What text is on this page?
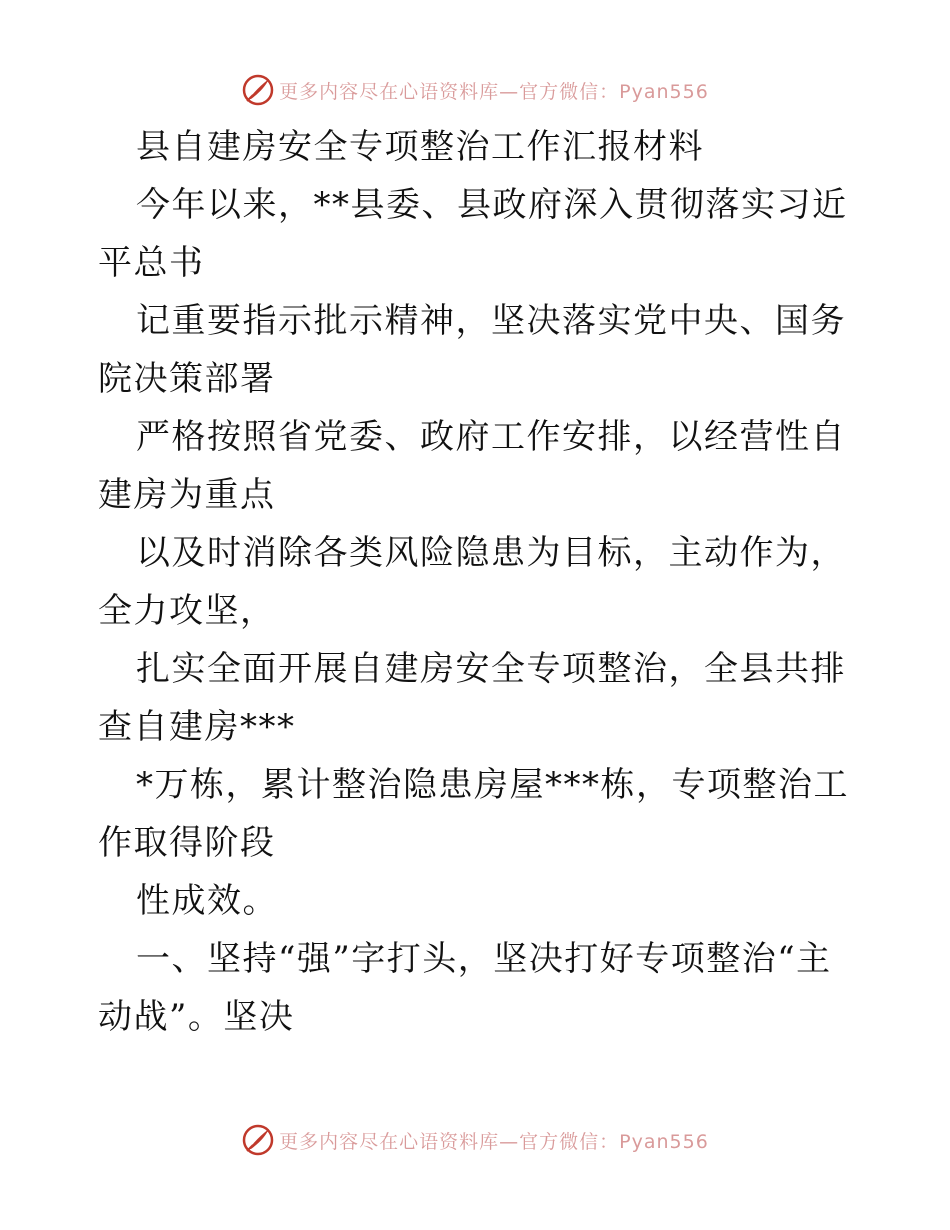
更多内容尽在心语资料库—官方微信：Pyan556

县自建房安全专项整治工作汇报材料

今年以来，**县委、县政府深入贯彻落实习近平总书

记重要指示批示精神，坚决落实党中央、国务院决策部署

严格按照省党委、政府工作安排，以经营性自建房为重点

以及时消除各类风险隐患为目标，主动作为，全力攻坚，

扎实全面开展自建房安全专项整治，全县共排查自建房***

*万栋，累计整治隐患房屋***栋，专项整治工作取得阶段

性成效。

一、坚持“强”字打头，坚决打好专项整治“主动战”。坚决

更多内容尽在心语资料库—官方微信：Pyan556
